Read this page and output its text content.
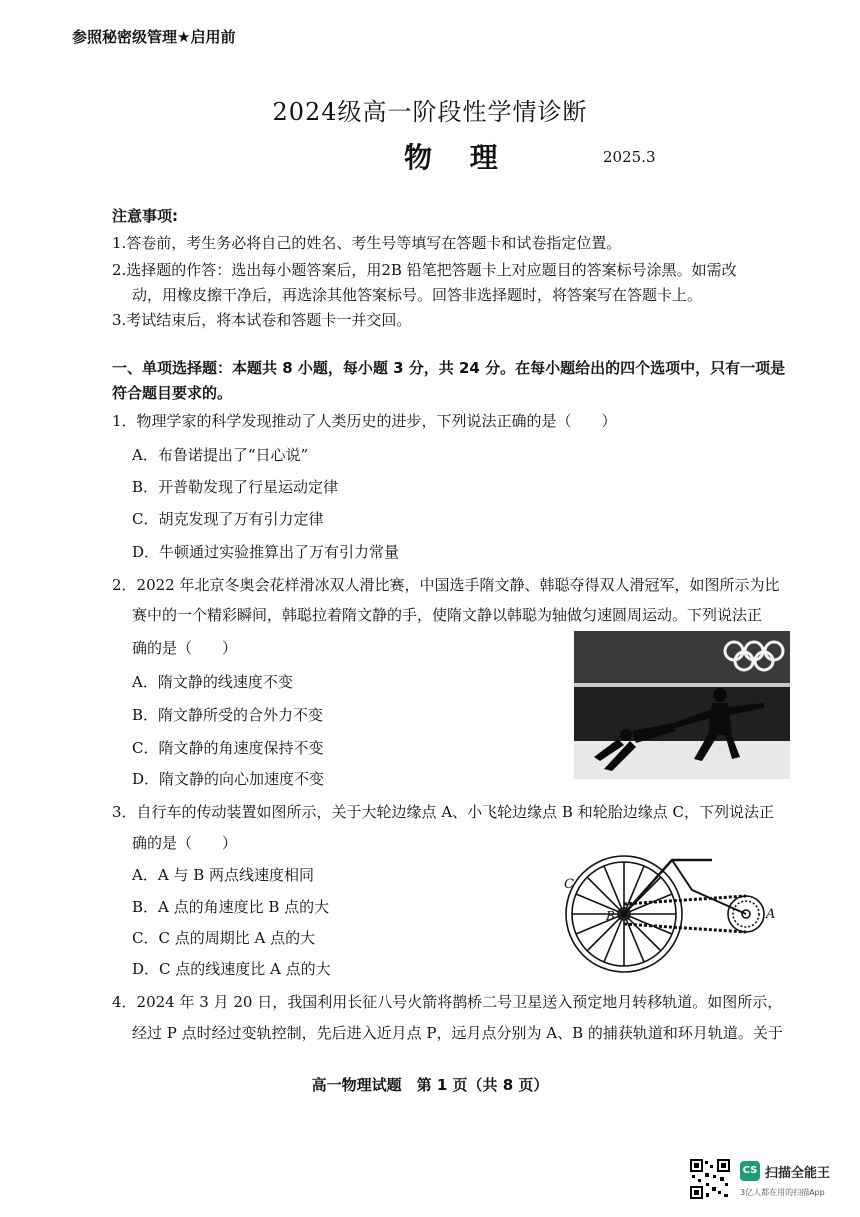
参照秘密级管理★启用前
2024级高一阶段性学情诊断
物 理	2025.3
注意事项:
1.答卷前，考生务必将自己的姓名、考生号等填写在答题卡和试卷指定位置。
2.选择题的作答：选出每小题答案后，用2B 铅笔把答题卡上对应题目的答案标号涂黑。如需改
动，用橡皮擦干净后，再选涂其他答案标号。回答非选择题时，将答案写在答题卡上。
3.考试结束后，将本试卷和答题卡一并交回。
一、单项选择题：本题共 8 小题，每小题 3 分，共 24 分。在每小题给出的四个选项中，只有一项是
符合题目要求的。
1．物理学家的科学发现推动了人类历史的进步，下列说法正确的是（　　）
A．布鲁诺提出了“日心说”
B．开普勒发现了行星运动定律
C．胡克发现了万有引力定律
D．牛顿通过实验推算出了万有引力常量
2．2022 年北京冬奥会花样滑冰双人滑比赛，中国选手隋文静、韩聪夺得双人滑冠军，如图所示为比
赛中的一个精彩瞬间，韩聪拉着隋文静的手，使隋文静以韩聪为轴做匀速圆周运动。下列说法正
确的是（　　）
A．隋文静的线速度不变
B．隋文静所受的合外力不变
C．隋文静的角速度保持不变
D．隋文静的向心加速度不变
3．自行车的传动装置如图所示，关于大轮边缘点 A、小飞轮边缘点 B 和轮胎边缘点 C，下列说法正
确的是（　　）
A．A 与 B 两点线速度相同
B．A 点的角速度比 B 点的大
C．C 点的周期比 A 点的大
D．C 点的线速度比 A 点的大
C
B	A
4．2024 年 3 月 20 日，我国利用长征八号火箭将鹊桥二号卫星送入预定地月转移轨道。如图所示，
经过 P 点时经过变轨控制，先后进入近月点 P，远月点分别为 A、B 的捕获轨道和环月轨道。关于
高一物理试题　第 1 页（共 8 页）
CS 扫描全能王
3亿人都在用的扫描App
